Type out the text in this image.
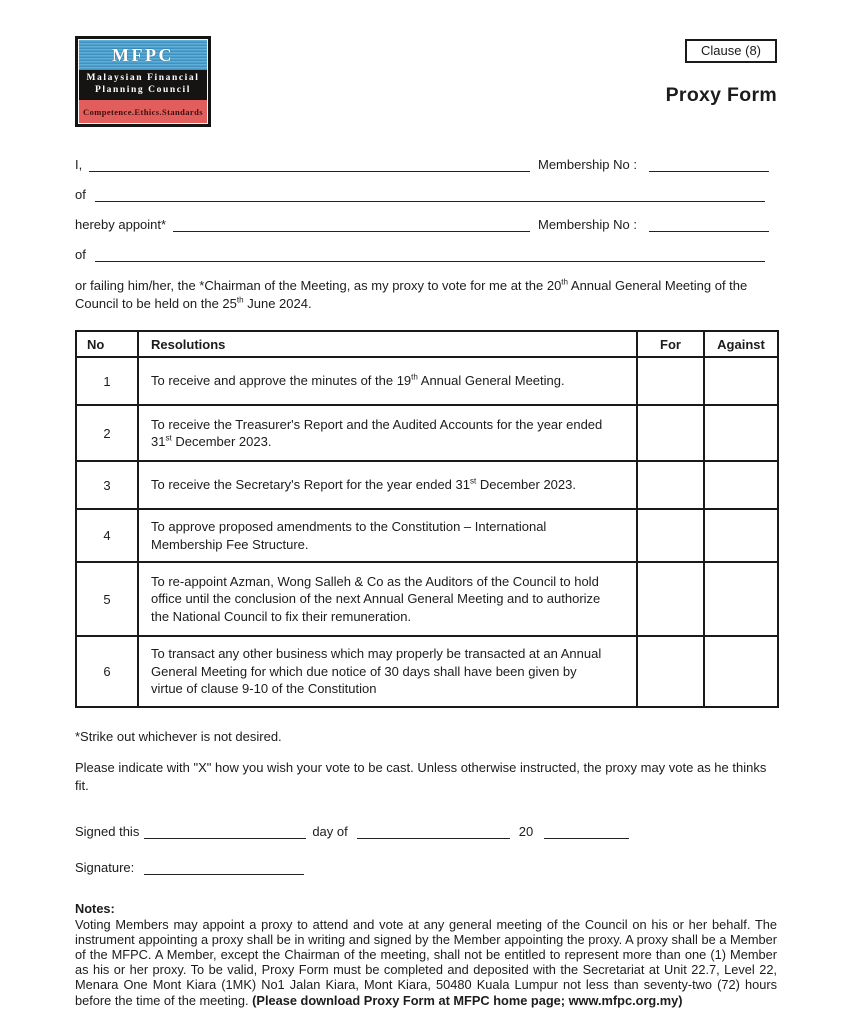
MFPC
Malaysian Financial
Planning Council
Competence.Ethics.Standards
Clause (8)
Proxy Form
I,	Membership No :
of
hereby appoint*	Membership No :
of

or failing him/her, the *Chairman of the Meeting, as my proxy to vote for me at the 20th Annual General Meeting of the Council to be held on the 25th June 2024.

No	Resolutions	For	Against
1	To receive and approve the minutes of the 19th Annual General Meeting.		
2	To receive the Treasurer's Report and the Audited Accounts for the year ended 31st December 2023.		
3	To receive the Secretary's Report for the year ended 31st December 2023.		
4	To approve proposed amendments to the Constitution – International Membership Fee Structure.		
5	To re-appoint Azman, Wong Salleh & Co as the Auditors of the Council to hold office until the conclusion of the next Annual General Meeting and to authorize the National Council to fix their remuneration.		
6	To transact any other business which may properly be transacted at an Annual General Meeting for which due notice of 30 days shall have been given by virtue of clause 9-10 of the Constitution		
*Strike out whichever is not desired.
Please indicate with "X" how you wish your vote to be cast. Unless otherwise instructed, the proxy may vote as he thinks fit.
Signed this	day of	20
Signature:
Notes:
Voting Members may appoint a proxy to attend and vote at any general meeting of the Council on his or her behalf. The instrument appointing a proxy shall be in writing and signed by the Member appointing the proxy. A proxy shall be a Member of the MFPC. A Member, except the Chairman of the meeting, shall not be entitled to represent more than one (1) Member as his or her proxy. To be valid, Proxy Form must be completed and deposited with the Secretariat at Unit 22.7, Level 22, Menara One Mont Kiara (1MK) No1 Jalan Kiara, Mont Kiara, 50480 Kuala Lumpur not less than seventy-two (72) hours before the time of the meeting. (Please download Proxy Form at MFPC home page; www.mfpc.org.my)
